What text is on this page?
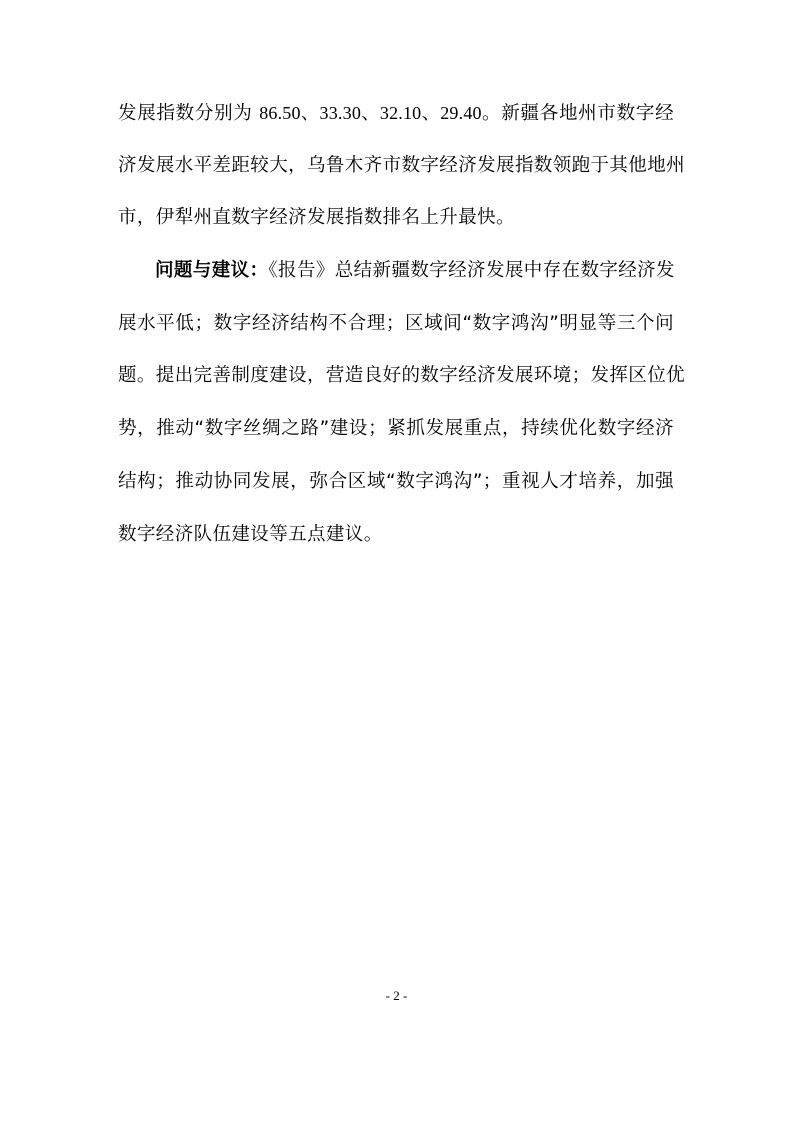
发展指数分别为 86.50、33.30、32.10、29.40。新疆各地州市数字经
济发展水平差距较大，乌鲁木齐市数字经济发展指数领跑于其他地州
市，伊犁州直数字经济发展指数排名上升最快。
问题与建议：《报告》总结新疆数字经济发展中存在数字经济发
展水平低；数字经济结构不合理；区域间“数字鸿沟”明显等三个问
题。提出完善制度建设，营造良好的数字经济发展环境；发挥区位优
势，推动“数字丝绸之路”建设；紧抓发展重点，持续优化数字经济
结构；推动协同发展，弥合区域“数字鸿沟”；重视人才培养，加强
数字经济队伍建设等五点建议。
- 2 -
